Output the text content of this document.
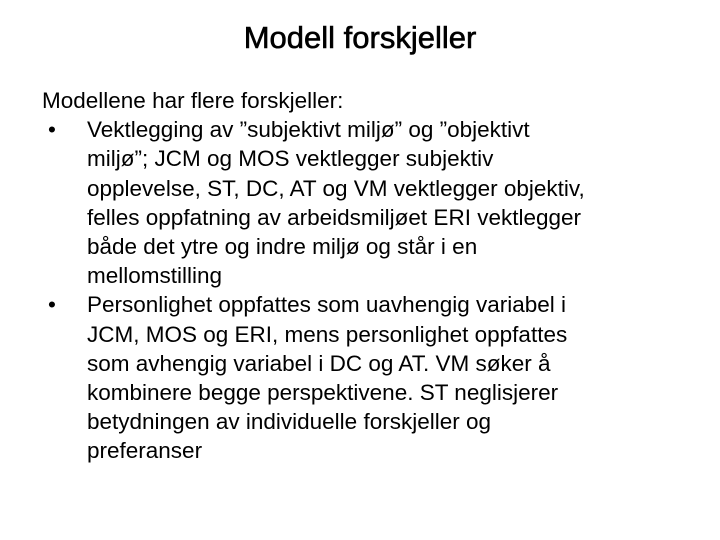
Modell forskjeller

Modellene har flere forskjeller:

• Vektlegging av ”subjektivt miljø” og ”objektivt
miljø”; JCM og MOS vektlegger subjektiv
opplevelse, ST, DC, AT og VM vektlegger objektiv,
felles oppfatning av arbeidsmiljøet ERI vektlegger
både det ytre og indre miljø og står i en
mellomstilling
• Personlighet oppfattes som uavhengig variabel i
JCM, MOS og ERI, mens personlighet oppfattes
som avhengig variabel i DC og AT. VM søker å
kombinere begge perspektivene. ST neglisjerer
betydningen av individuelle forskjeller og
preferanser
